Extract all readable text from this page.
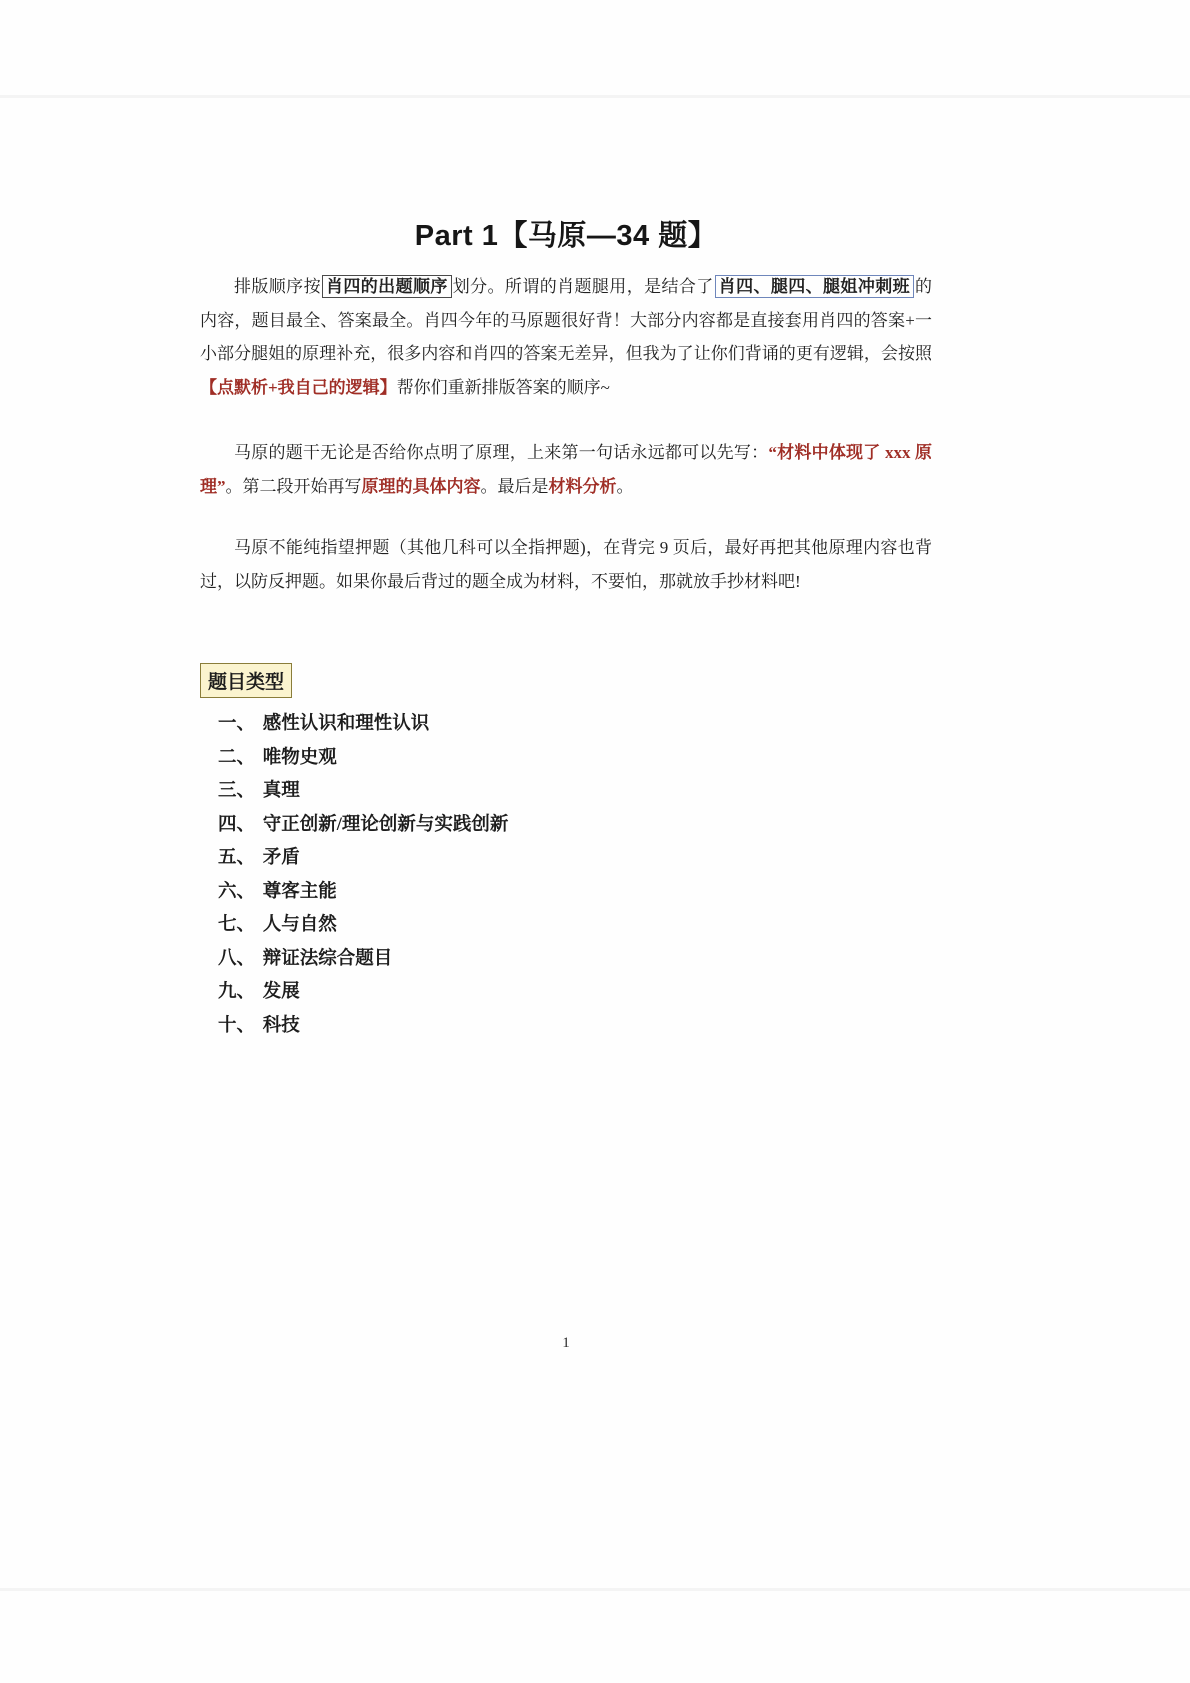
Part 1【马原—34 题】

排版顺序按 肖四的出题顺序 划分。所谓的肖题腿用，是结合了 肖四、腿四、腿姐冲刺班 的内容，题目最全、答案最全。肖四今年的马原题很好背！大部分内容都是直接套用肖四的答案+一小部分腿姐的原理补充，很多内容和肖四的答案无差异，但我为了让你们背诵的更有逻辑，会按照【点默析+我自己的逻辑】帮你们重新排版答案的顺序~

马原的题干无论是否给你点明了原理，上来第一句话永远都可以先写：“材料中体现了 xxx 原理”。第二段开始再写原理的具体内容。最后是材料分析。

马原不能纯指望押题（其他几科可以全指押题)，在背完 9 页后，最好再把其他原理内容也背过，以防反押题。如果你最后背过的题全成为材料，不要怕，那就放手抄材料吧!

题目类型
一、 感性认识和理性认识
二、 唯物史观
三、 真理
四、 守正创新/理论创新与实践创新
五、 矛盾
六、 尊客主能
七、 人与自然
八、 辩证法综合题目
九、 发展
十、 科技
1
